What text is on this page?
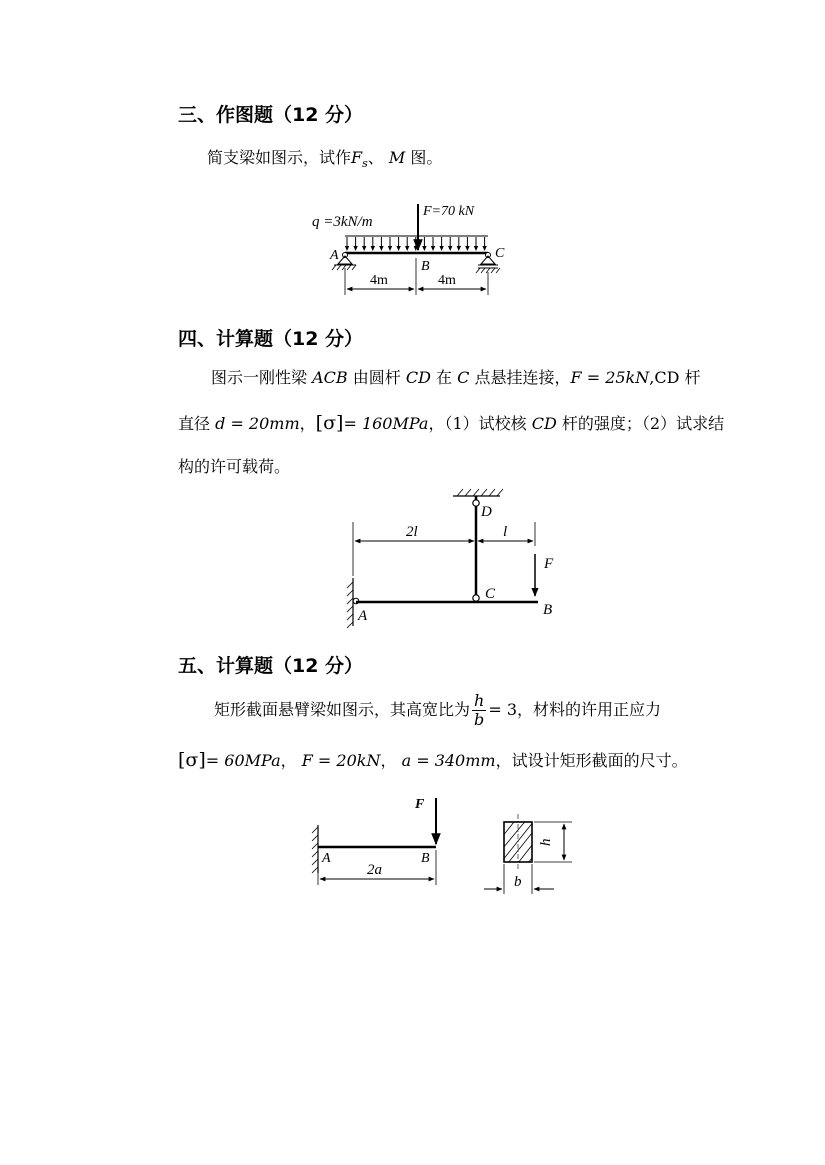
三、作图题（12 分）
简支梁如图示，试作$F_s$、 M 图。
q =3kN/m
F=70 kN
A
B
C
4m	4m
四、计算题（12 分）
图示一刚性梁 ACB 由圆杆 CD 在 C 点悬挂连接，F = 25kN,CD 杆
直径 d = 20mm，[σ]= 160MPa，（1）试校核 CD 杆的强度；（2）试求结
构的许可载荷。
D
C
A	B
F
2l	l
五、计算题（12 分）
矩形截面悬臂梁如图示，其高宽比为 $\frac{h}{b} = 3$，材料的许用正应力
[σ]= 60MPa， F = 20kN， a = 340mm，试设计矩形截面的尺寸。
F
A	B
2a
h
b
